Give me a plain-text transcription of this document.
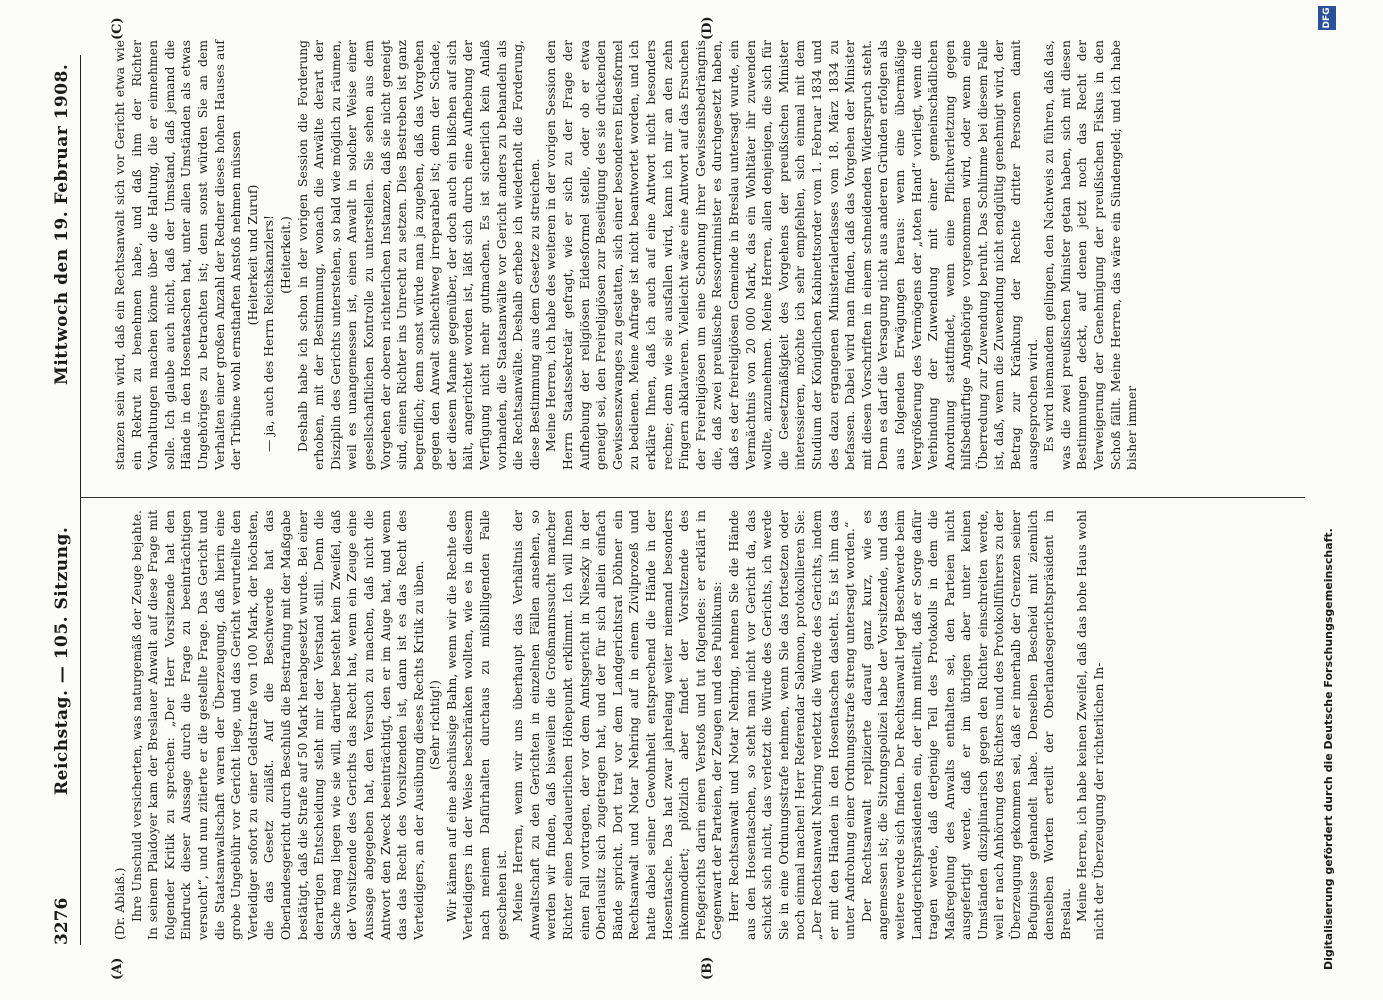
3276
Reichstag. — 105. Sitzung.
Mittwoch den 19. Februar 1908.
(A)	(B)
(C)	(D)

(Dr. Ablaß.) Ihre Unschuld versicherten, was naturgemäß der Zeuge bejahte. In seinem Plaidoyer kam der Breslauer Anwalt auf diese Frage mit folgender Kritik zu sprechen: „Der Herr Vorsitzende hat den Eindruck dieser Aussage durch die Frage zu beeinträchtigen versucht“, und nun zitierte er die gestellte Frage. Das Gericht und die Staatsanwaltschaft waren der Überzeugung, daß hierin eine grobe Ungebühr vor Gericht liege, und das Gericht verurteilte den Verteidiger sofort zu einer Geldstrafe von 100 Mark, der höchsten, die das Gesetz zuläßt. Auf die Beschwerde hat das Oberlandesgericht durch Beschluß die Bestrafung mit der Maßgabe bestätigt, daß die Strafe auf 50 Mark herabgesetzt wurde. Bei einer derartigen Entscheidung steht mir der Verstand still. Denn die Sache mag liegen wie sie will, darüber besteht kein Zweifel, daß der Vorsitzende des Gerichts das Recht hat, wenn ein Zeuge eine Aussage abgegeben hat, den Versuch zu machen, daß nicht die Antwort den Zweck beeinträchtigt, den er im Auge hat, und wenn das das Recht des Vorsitzenden ist, dann ist es das Recht des Verteidigers, an der Ausübung dieses Rechts Kritik zu üben. (Sehr richtig!) Wir kämen auf eine abschüssige Bahn, wenn wir die Rechte des Verteidigers in der Weise beschränken wollten, wie es in diesem nach meinem Dafürhalten durchaus zu mißbilligenden Falle geschehen ist. Meine Herren, wenn wir uns überhaupt das Verhältnis der Anwaltschaft zu den Gerichten in einzelnen Fällen ansehen, so werden wir finden, daß bisweilen die Großmannssucht mancher Richter einen bedauerlichen Höhepunkt erklimmt. Ich will Ihnen einen Fall vortragen, der vor dem Amtsgericht in Nieszky in der Oberlausitz sich zugetragen hat, und der für sich allein einfach Bände spricht. Dort trat vor dem Landgerichtsrat Döhner ein Rechtsanwalt und Notar Nehring auf in einem Zivilprozeß und hatte dabei seiner Gewohnheit entsprechend die Hände in der Hosentasche. Das hat zwar jahrelang weiter niemand besonders inkommodiert; plötzlich aber findet der Vorsitzende des Preßgerichts darin einen Verstoß und tut folgendes: er erklärt in Gegenwart der Parteien, der Zeugen und des Publikums: Herr Rechtsanwalt und Notar Nehring, nehmen Sie die Hände aus den Hosentaschen, so steht man nicht vor Gericht da, das schickt sich nicht, das verletzt die Würde des Gerichts, ich werde Sie in eine Ordnungsstrafe nehmen, wenn Sie das fortsetzen oder noch einmal machen! Herr Referendar Salomon, protokollieren Sie: „Der Rechtsanwalt Nehring verletzt die Würde des Gerichts, indem er mit den Händen in den Hosentaschen dasteht. Es ist ihm das unter Androhung einer Ordnungsstrafe streng untersagt worden.“ Der Rechtsanwalt replizierte darauf ganz kurz, wie es angemessen ist; die Sitzungspolizei habe der Vorsitzende, und das weitere werde sich finden. Der Rechtsanwalt legt Beschwerde beim Landgerichtspräsidenten ein, der ihm mitteilt, daß er Sorge dafür tragen werde, daß derjenige Teil des Protokolls in dem die Maßregelung des Anwalts enthalten sei, den Parteien nicht ausgefertigt werde, daß er im übrigen aber unter keinen Umständen disziplinarisch gegen den Richter einschreiten werde, weil er nach Anhörung des Richters und des Protokollführers zu der Überzeugung gekommen sei, daß er innerhalb der Grenzen seiner Befugnisse gehandelt habe. Denselben Bescheid mit ziemlich denselben Worten erteilt der Oberlandesgerichtspräsident in Breslau. Meine Herren, ich habe keinen Zweifel, daß das hohe Haus wohl nicht der Überzeugung der richterlichen In-

stanzen sein wird, daß ein Rechtsanwalt sich vor Gericht etwa wie ein Rekrut zu benehmen habe, und daß ihm der Richter Vorhaltungen machen könne über die Haltung, die er einnehmen solle. Ich glaube auch nicht, daß der Umstand, daß jemand die Hände in den Hosentaschen hat, unter allen Umständen als etwas Ungehöriges zu betrachten ist; denn sonst würden Sie an dem Verhalten einer großen Anzahl der Redner dieses hohen Hauses auf der Tribüne wohl ernsthaften Anstoß nehmen müssen (Heiterkeit und Zuruf) — ja, auch des Herrn Reichskanzlers! (Heiterkeit.) Deshalb habe ich schon in der vorigen Session die Forderung erhoben, mit der Bestimmung, wonach die Anwälte derart der Disziplin des Gerichts unterstehen, so bald wie möglich zu räumen, weil es unangemessen ist, einen Anwalt in solcher Weise einer gesellschaftlichen Kontrolle zu unterstellen. Sie sehen aus dem Vorgehen der oberen richterlichen Instanzen, daß sie nicht geneigt sind, einen Richter ins Unrecht zu setzen. Dies Bestreben ist ganz begreiflich; denn sonst würde man ja zugeben, daß das Vorgehen gegen den Anwalt schlechtweg irreparabel ist; denn der Schade, der diesem Manne gegenüber, der doch auch ein bißchen auf sich hält, angerichtet worden ist, läßt sich durch eine Aufhebung der Verfügung nicht mehr gutmachen. Es ist sicherlich kein Anlaß vorhanden, die Staatsanwälte vor Gericht anders zu behandeln als die Rechtsanwälte. Deshalb erhebe ich wiederholt die Forderung, diese Bestimmung aus dem Gesetze zu streichen. Meine Herren, ich habe des weiteren in der vorigen Session den Herrn Staatssekretär gefragt, wie er sich zu der Frage der Aufhebung der religiösen Eidesformel stelle, oder ob er etwa geneigt sei, den Freireligiösen zur Beseitigung des sie drückenden Gewissenszwanges zu gestatten, sich einer besonderen Eidesformel zu bedienen. Meine Anfrage ist nicht beantwortet worden, und ich erkläre Ihnen, daß ich auch auf eine Antwort nicht besonders rechne; denn wie sie ausfallen wird, kann ich mir an den zehn Fingern abklavieren. Vielleicht wäre eine Antwort auf das Ersuchen der Freireligiösen um eine Schonung ihrer Gewissensbedrängnis die, daß zwei preußische Ressortminister es durchgesetzt haben, daß es der freireligiösen Gemeinde in Breslau untersagt wurde, ein Vermächtnis von 20 000 Mark, das ein Wohltäter ihr zuwenden wollte, anzunehmen. Meine Herren, allen denjenigen, die sich für die Gesetzmäßigkeit des Vorgehens der preußischen Minister interessieren, möchte ich sehr empfehlen, sich einmal mit dem Studium der Königlichen Kabinettsorder vom 1. Februar 1834 und des dazu ergangenen Ministerialerlasses vom 18. März 1834 zu befassen. Dabei wird man finden, daß das Vorgehen der Minister mit diesen Vorschriften in einem schneidenden Widerspruch steht. Denn es darf die Versagung nicht aus anderen Gründen erfolgen als aus folgenden Erwägungen heraus: wenn eine übermäßige Vergrößerung des Vermögens der „toten Hand“ vorliegt, wenn die Verbindung der Zuwendung mit einer gemeinschädlichen Anordnung stattfindet, wenn eine Pflichtverletzung gegen hilfsbedürftige Angehörige vorgenommen wird, oder wenn eine Überredung zur Zuwendung beruht. Das Schlimme bei diesem Falle ist, daß, wenn die Zuwendung nicht endgültig genehmigt wird, der Betrag zur Kränkung der Rechte dritter Personen damit ausgesprochen wird. Es wird niemandem gelingen, den Nachweis zu führen, daß das, was die zwei preußischen Minister getan haben, sich mit diesen Bestimmungen deckt, auf denen jetzt noch das Recht der Verweigerung der Genehmigung der preußischen Fiskus in den Schoß fällt. Meine Herren, das wäre ein Sündengeld; und ich habe bisher immer

Digitalisierung gefördert durch die Deutsche Forschungsgemeinschaft.
DFG
